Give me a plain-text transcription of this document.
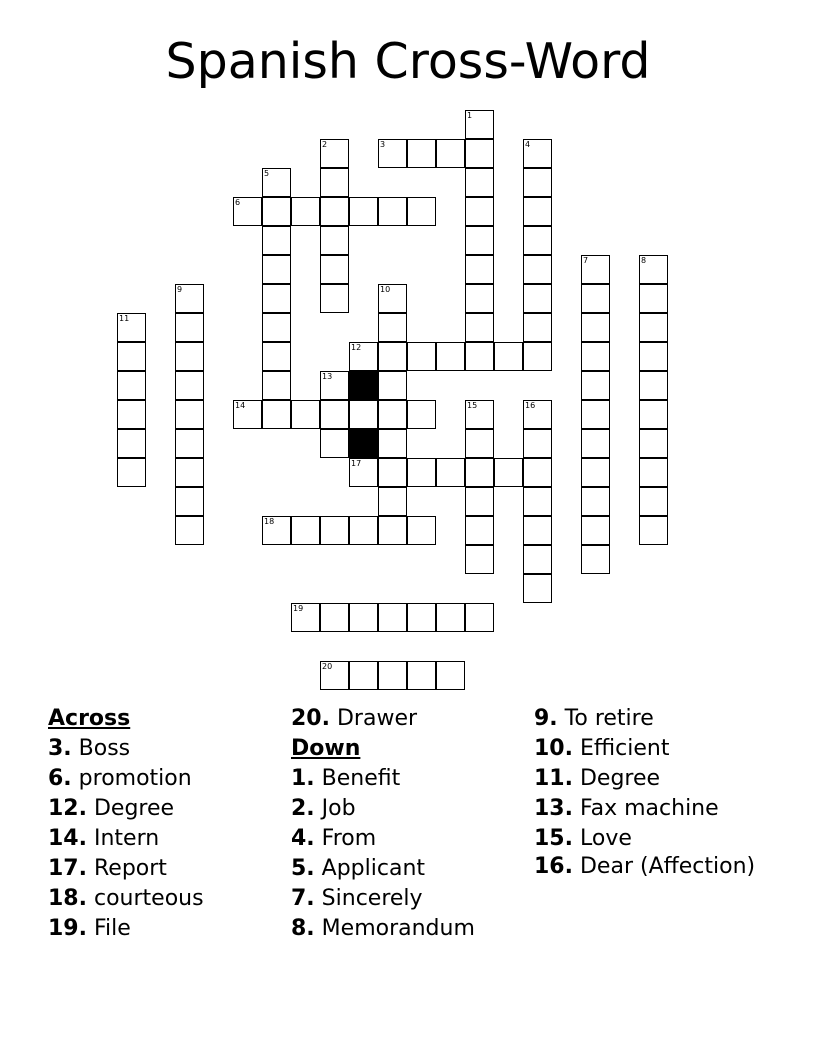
Spanish Cross-Word
1
2	3	4
5
6
7	8
9	10
11
12
13
14	15	16
17
18
19
20
Across
3. Boss
6. promotion
12. Degree
14. Intern
17. Report
18. courteous
19. File
20. Drawer
Down
1. Benefit
2. Job
4. From
5. Applicant
7. Sincerely
8. Memorandum
9. To retire
10. Efficient
11. Degree
13. Fax machine
15. Love
16. Dear (Affection)
